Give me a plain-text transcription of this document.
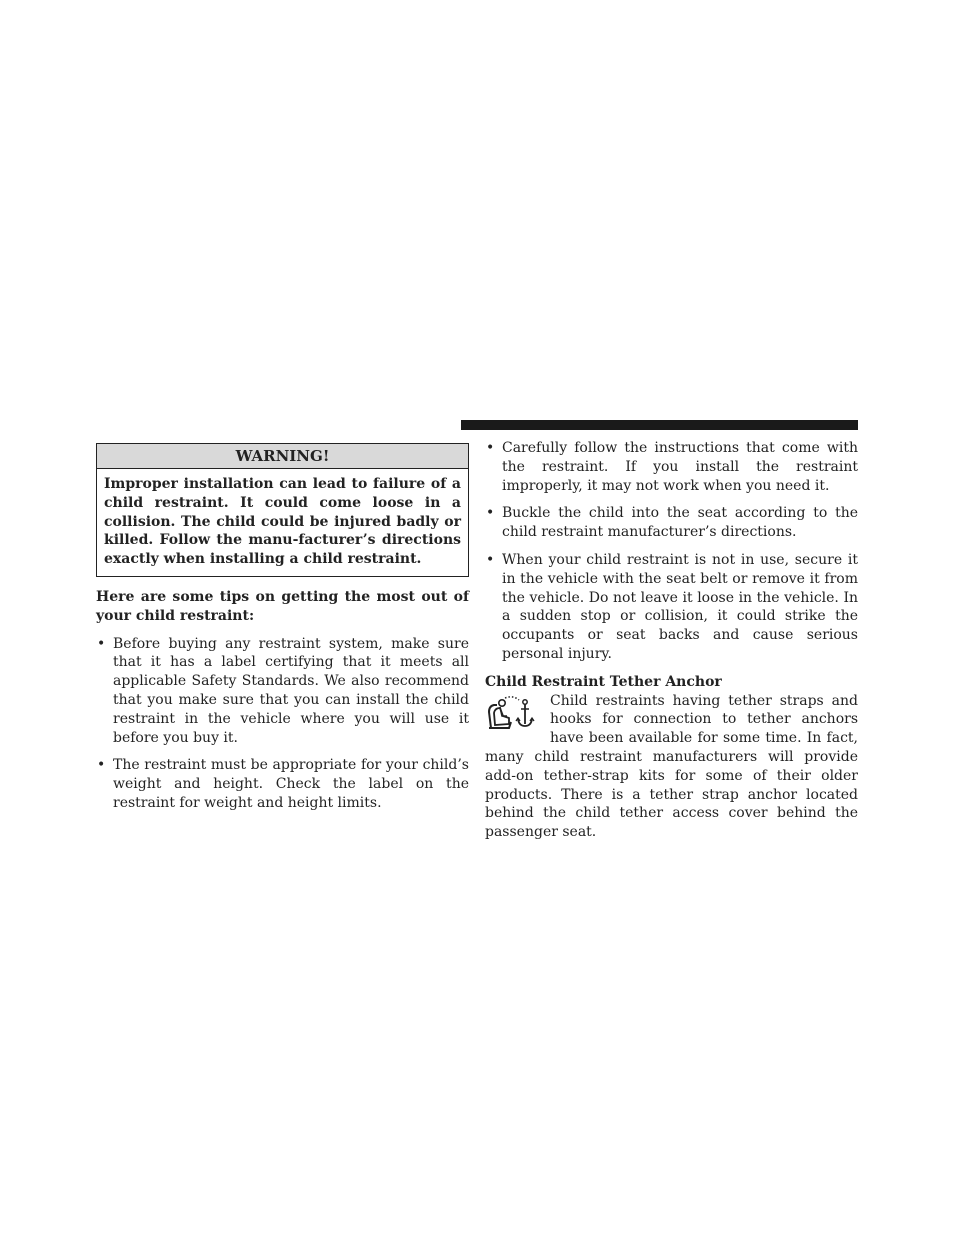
WARNING!
Improper installation can lead to failure of a child restraint. It could come loose in a collision. The child could be injured badly or killed. Follow the manu-facturer’s directions exactly when installing a child restraint.
Here are some tips on getting the most out of your child restraint:
• Before buying any restraint system, make sure that it has a label certifying that it meets all applicable Safety Standards. We also recommend that you make sure that you can install the child restraint in the vehicle where you will use it before you buy it.
• The restraint must be appropriate for your child’s weight and height. Check the label on the restraint for weight and height limits.
• Carefully follow the instructions that come with the restraint. If you install the restraint improperly, it may not work when you need it.
• Buckle the child into the seat according to the child restraint manufacturer’s directions.
• When your child restraint is not in use, secure it in the vehicle with the seat belt or remove it from the vehicle. Do not leave it loose in the vehicle. In a sudden stop or collision, it could strike the occupants or seat backs and cause serious personal injury.
Child Restraint Tether Anchor
Child restraints having tether straps and hooks for connection to tether anchors have been available for some time. In fact, many child restraint manufacturers will provide add-on tether-strap kits for some of their older products. There is a tether strap anchor located behind the child tether access cover behind the passenger seat.
